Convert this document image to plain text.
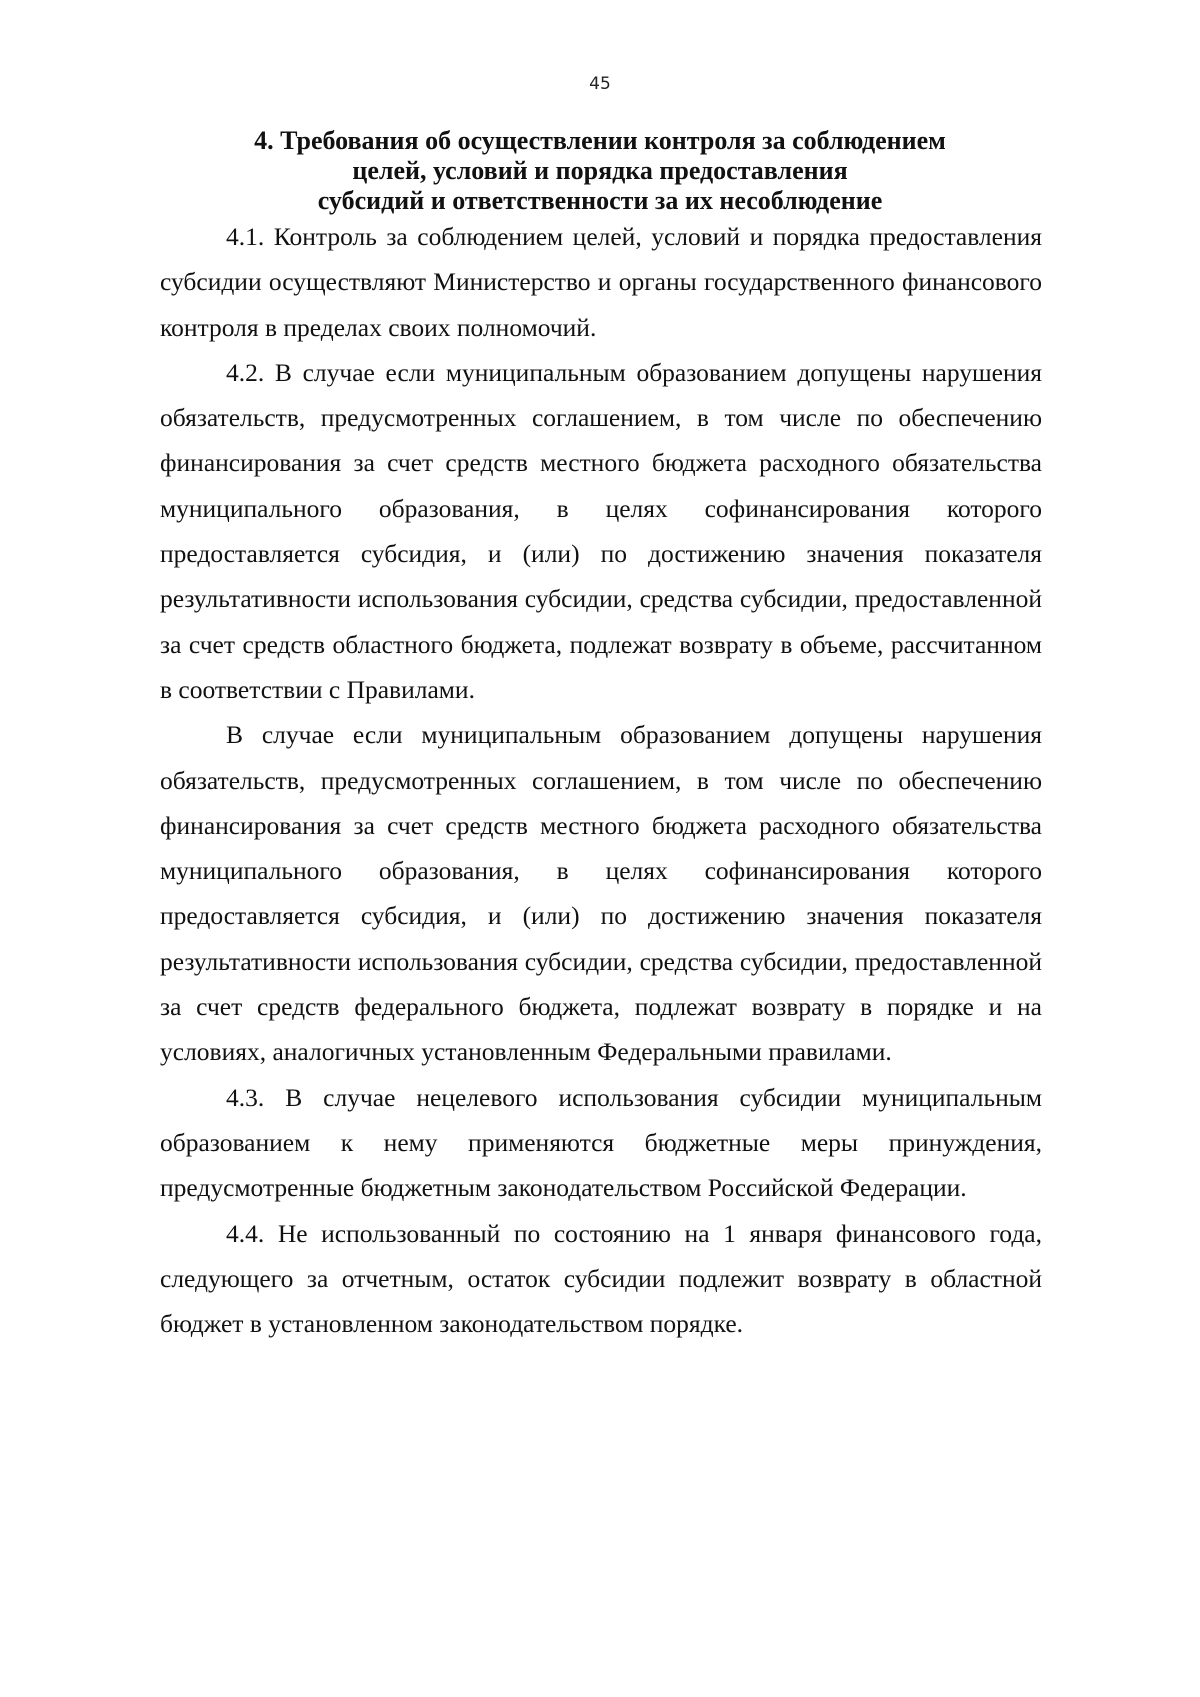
45
4. Требования об осуществлении контроля за соблюдением
целей, условий и порядка предоставления
субсидий и ответственности за их несоблюдение

4.1. Контроль за соблюдением целей, условий и порядка предоставления субсидии осуществляют Министерство и органы государственного финансового контроля в пределах своих полномочий.

4.2. В случае если муниципальным образованием допущены нарушения обязательств, предусмотренных соглашением, в том числе по обеспечению финансирования за счет средств местного бюджета расходного обязательства муниципального образования, в целях софинансирования которого предоставляется субсидия, и (или) по достижению значения показателя результативности использования субсидии, средства субсидии, предоставленной за счет средств областного бюджета, подлежат возврату в объеме, рассчитанном в соответствии с Правилами.

В случае если муниципальным образованием допущены нарушения обязательств, предусмотренных соглашением, в том числе по обеспечению финансирования за счет средств местного бюджета расходного обязательства муниципального образования, в целях софинансирования которого предоставляется субсидия, и (или) по достижению значения показателя результативности использования субсидии, средства субсидии, предоставленной за счет средств федерального бюджета, подлежат возврату в порядке и на условиях, аналогичных установленным Федеральными правилами.

4.3. В случае нецелевого использования субсидии муниципальным образованием к нему применяются бюджетные меры принуждения, предусмотренные бюджетным законодательством Российской Федерации.

4.4. Не использованный по состоянию на 1 января финансового года, следующего за отчетным, остаток субсидии подлежит возврату в областной бюджет в установленном законодательством порядке.
